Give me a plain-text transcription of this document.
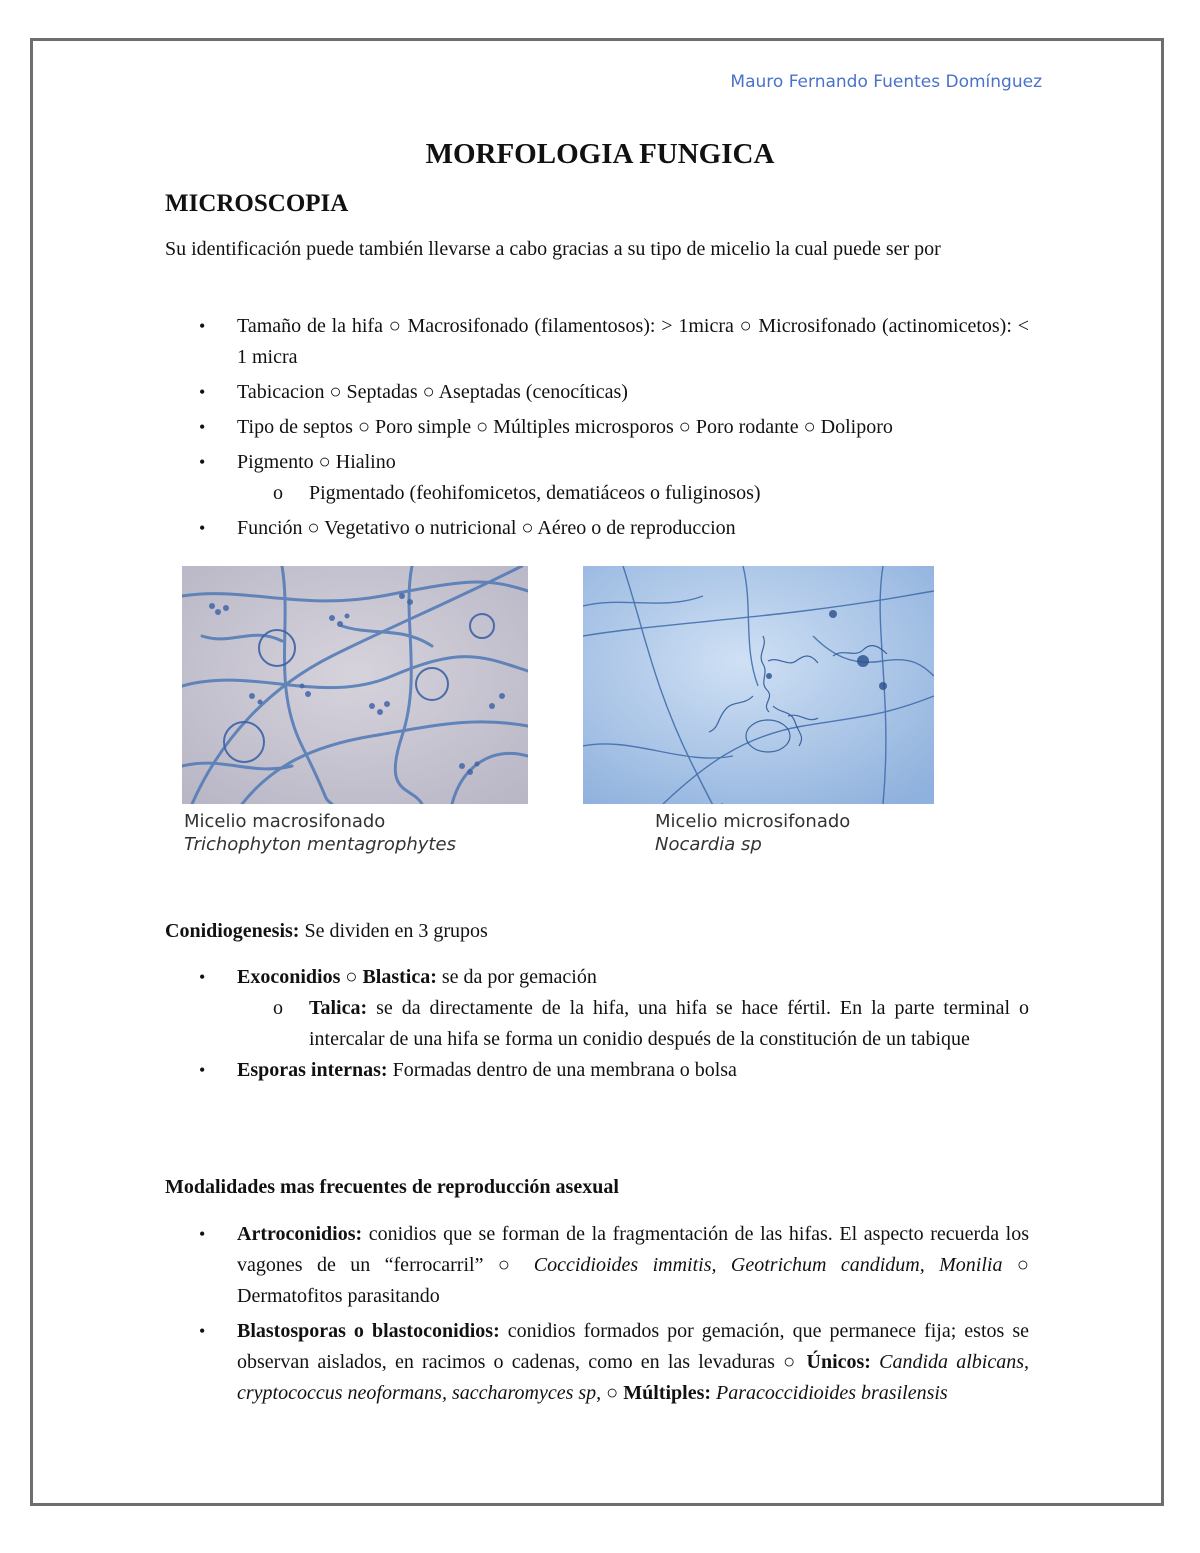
Mauro Fernando Fuentes Domínguez
MORFOLOGIA FUNGICA
MICROSCOPIA
Su identificación puede también llevarse a cabo gracias a su tipo de micelio la cual puede ser por
• Tamaño de la hifa ○ Macrosifonado (filamentosos): > 1micra ○ Microsifonado (actinomicetos): < 1 micra
• Tabicacion ○ Septadas ○ Aseptadas (cenocíticas)
• Tipo de septos ○ Poro simple ○ Múltiples microsporos ○ Poro rodante ○ Doliporo
• Pigmento ○ Hialino
o Pigmentado (feohifomicetos, dematiáceos o fuliginosos)
• Función ○ Vegetativo o nutricional ○ Aéreo o de reproduccion
Micelio macrosifonado
Trichophyton mentagrophytes
Micelio microsifonado
Nocardia sp
Conidiogenesis: Se dividen en 3 grupos
• Exoconidios ○ Blastica: se da por gemación
o Talica: se da directamente de la hifa, una hifa se hace fértil. En la parte terminal o intercalar de una hifa se forma un conidio después de la constitución de un tabique
• Esporas internas: Formadas dentro de una membrana o bolsa
Modalidades mas frecuentes de reproducción asexual
• Artroconidios: conidios que se forman de la fragmentación de las hifas. El aspecto recuerda los vagones de un “ferrocarril” ○ Coccidioides immitis, Geotrichum candidum, Monilia ○ Dermatofitos parasitando
• Blastosporas o blastoconidios: conidios formados por gemación, que permanece fija; estos se observan aislados, en racimos o cadenas, como en las levaduras ○ Únicos: Candida albicans, cryptococcus neoformans, saccharomyces sp, ○ Múltiples: Paracoccidioides brasilensis
